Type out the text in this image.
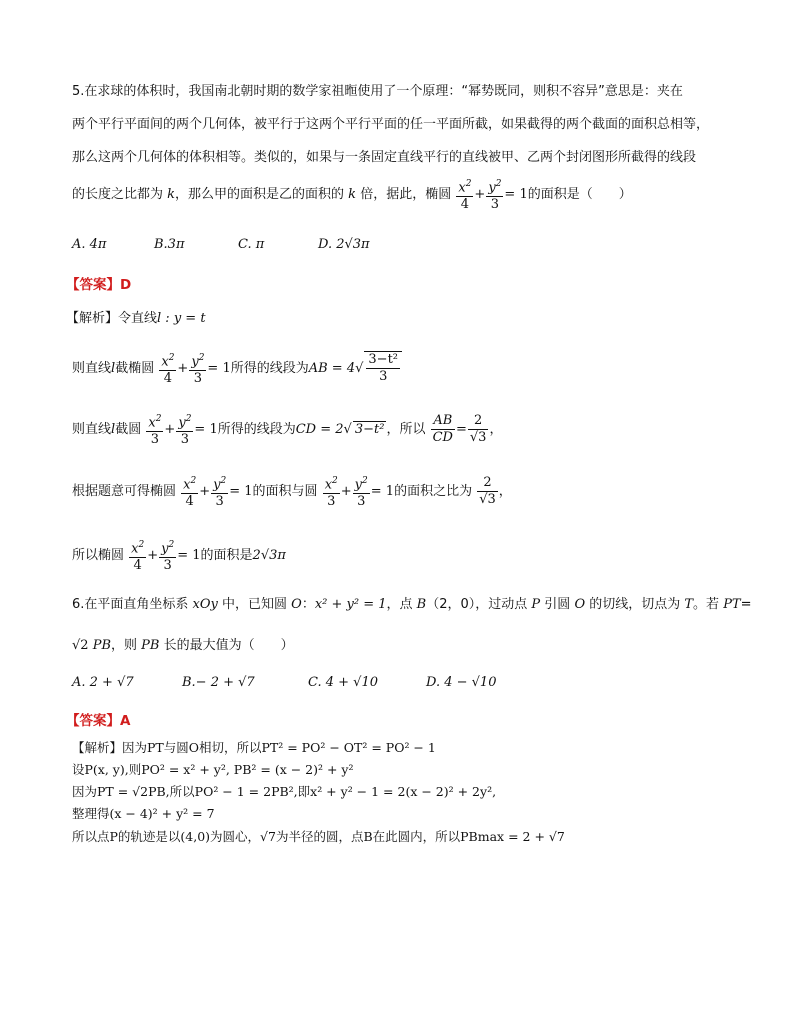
5.在求球的体积时，我国南北朝时期的数学家祖暅使用了一个原理：“幂势既同，则积不容异”意思是：夹在
两个平行平面间的两个几何体，被平行于这两个平行平面的任一平面所截，如果截得的两个截面的面积总相等，
那么这两个几何体的体积相等。类似的，如果与一条固定直线平行的直线被甲、乙两个封闭图形所截得的线段
的长度之比都为 k，那么甲的面积是乙的面积的 k 倍，据此，椭圆 $\frac{x^2}{4} + \frac{y^2}{3} = 1$的面积是（　　）
A. 4π	B.3π	C. π	D. 2√3π
【答案】D
【解析】令直线l : y = t
则直线l截椭圆 $\frac{x^2}{4} + \frac{y^2}{3} = 1$所得的线段为AB = $4√ \frac{\text{3−t²}}{3}$
则直线l截圆 $\frac{x^2}{3} + \frac{y^2}{3} = 1$所得的线段为CD = 2√ 3−t² ，所以 $\frac{AB}{CD} = \frac{2}{√3}$ ，
根据题意可得椭圆 $\frac{x^2}{4} + \frac{y^2}{3} = 1$的面积与圆 $\frac{x^2}{3} + \frac{y^2}{3} = 1$的面积之比为 $\frac{2}{√3}$ ，
所以椭圆 $\frac{x^2}{4} + \frac{y^2}{3} = 1$的面积是2√3π
6.在平面直角坐标系 xOy 中，已知圆 O：x² + y² = 1，点 B（2，0），过动点 P 引圆 O 的切线，切点为 T。若 PT=
√2 PB，则 PB 长的最大值为（　　）
A. 2 + √7	B.− 2 + √7	C. 4 + √10	D. 4 − √10
【答案】A
【解析】因为PT与圆O相切，所以PT² = PO² − OT² = PO² − 1
设P(x, y),则PO² = x² + y², PB² = (x − 2)² + y²
因为PT = √2PB,所以PO² − 1 = 2PB²,即x² + y² − 1 = 2(x − 2)² + 2y²,
整理得(x − 4)² + y² = 7
所以点P的轨迹是以(4,0)为圆心，√7为半径的圆，点B在此圆内，所以PBmax = 2 + √7
